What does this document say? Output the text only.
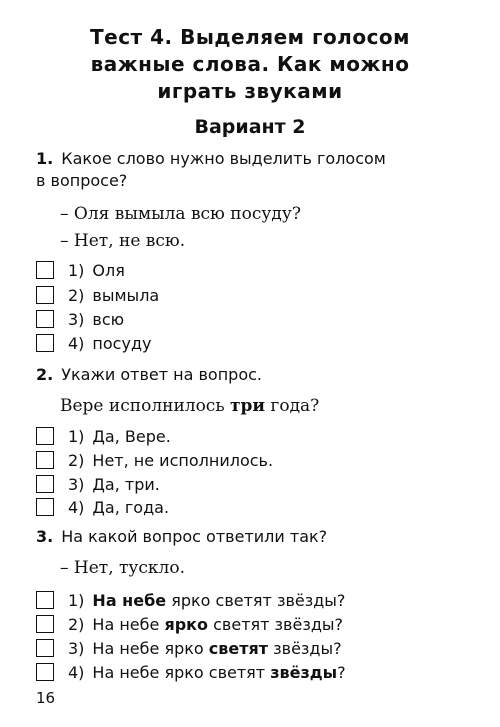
Тест 4. Выделяем голосом
важные слова. Как можно
играть звуками
Вариант 2
1. Какое слово нужно выделить голосом
в вопросе?
– Оля вымыла всю посуду?
– Нет, не всю.
1) Оля
2) вымыла
3) всю
4) посуду
2. Укажи ответ на вопрос.
Вере исполнилось три года?
1) Да, Вере.
2) Нет, не исполнилось.
3) Да, три.
4) Да, года.
3. На какой вопрос ответили так?
– Нет, тускло.
1) На небе ярко светят звёзды?
2) На небе ярко светят звёзды?
3) На небе ярко светят звёзды?
4) На небе ярко светят звёзды?
16
